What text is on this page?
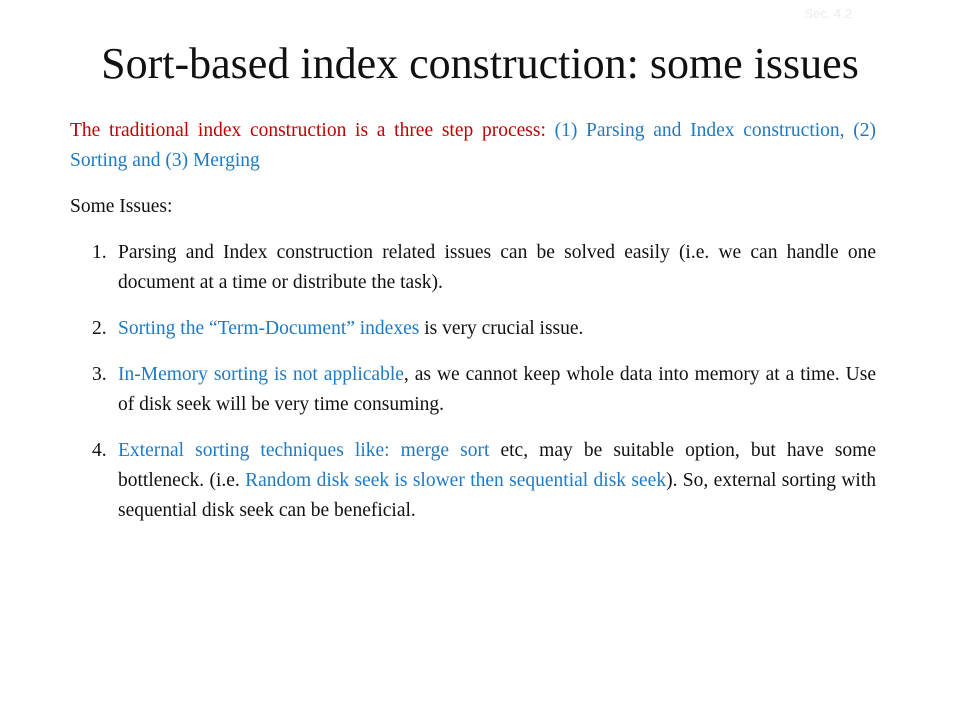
Sec. 4.2
Sort-based index construction: some issues
The traditional index construction is a three step process: (1) Parsing and Index construction, (2) Sorting and (3) Merging
Some Issues:
1. Parsing and Index construction related issues can be solved easily (i.e. we can handle one document at a time or distribute the task).
2. Sorting the “Term-Document” indexes is very crucial issue.
3. In-Memory sorting is not applicable, as we cannot keep whole data into memory at a time. Use of disk seek will be very time consuming.
4. External sorting techniques like: merge sort etc, may be suitable option, but have some bottleneck. (i.e. Random disk seek is slower then sequential disk seek). So, external sorting with sequential disk seek can be beneficial.
